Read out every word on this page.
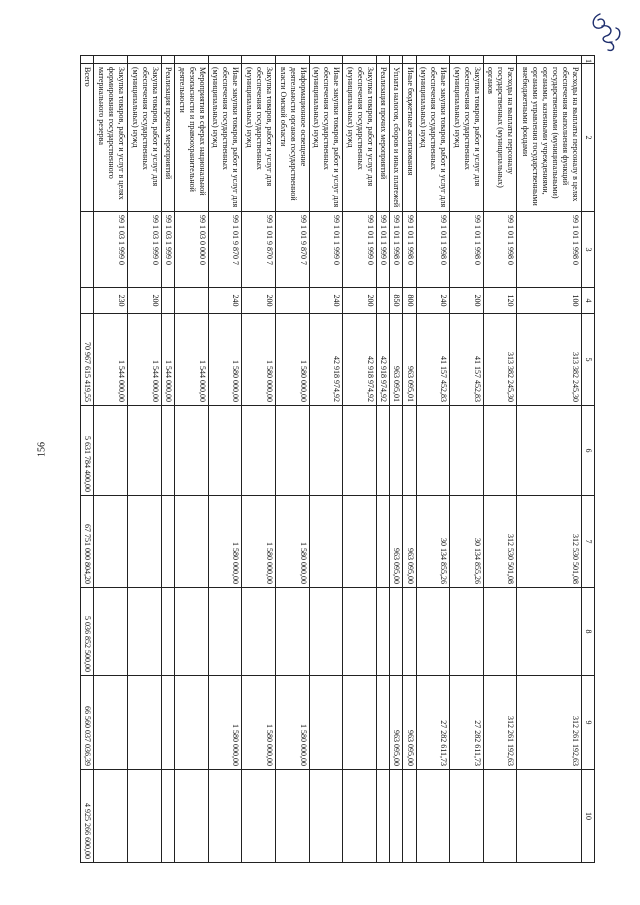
156
1	2	3	4	5	6	7	8	9	10
	Расходы на выплаты персоналу в целях обеспечения выполнения функций государственными (муниципальными) органами, казенными учреждениями, органами управления государственными внебюджетными фондами	99 1 01 1 998 0	100	313 382 245,30		312 530 501,08		312 261 192,63	
	Расходы на выплаты персоналу государственных (муниципальных) органов	99 1 01 1 998 0	120	313 382 245,30		312 530 501,08		312 261 192,63	
	Закупка товаров, работ и услуг для обеспечения государственных (муниципальных) нужд	99 1 01 1 998 0	200	41 157 452,83		30 134 855,26		27 282 611,73	
	Иные закупки товаров, работ и услуг для обеспечения государственных (муниципальных) нужд	99 1 01 1 998 0	240	41 157 452,83		30 134 855,26		27 282 611,73	
	Иные бюджетные ассигнования	99 1 01 1 998 0	800	963 095,01		963 095,00		963 095,00	
	Уплата налогов, сборов и иных платежей	99 1 01 1 998 0	850	963 095,01		963 095,00		963 095,00	
	Реализация прочих мероприятий	99 1 01 1 999 0		42 918 974,92					
	Закупка товаров, работ и услуг для обеспечения государственных (муниципальных) нужд	99 1 01 1 999 0	200	42 918 974,92					
	Иные закупки товаров, работ и услуг для обеспечения государственных (муниципальных) нужд	99 1 01 1 999 0	240	42 918 974,92					
	Информационное освещение деятельности органов государственной власти Омской области	99 1 01 9 870 7		1 580 000,00		1 580 000,00		1 580 000,00	
	Закупка товаров, работ и услуг для обеспечения государственных (муниципальных) нужд	99 1 01 9 870 7	200	1 580 000,00		1 580 000,00		1 580 000,00	
	Иные закупки товаров, работ и услуг для обеспечения государственных (муниципальных) нужд	99 1 01 9 870 7	240	1 580 000,00		1 580 000,00		1 580 000,00	
	Мероприятия в сферах национальной безопасности и правоохранительной деятельности	99 1 03 0 000 0		1 544 000,00					
	Реализация прочих мероприятий	99 1 03 1 999 0		1 544 000,00					
	Закупка товаров, работ и услуг для обеспечения государственных (муниципальных) нужд	99 1 03 1 999 0	200	1 544 000,00					
	Закупка товаров, работ и услуг в целях формирования государственного материального резерва	99 1 03 1 999 0	230	1 544 000,00					
	Всего			70 967 615 419,55	5 631 784 400,00	67 751 000 804,20	5 036 852 500,00	66 560 037 036,39	4 925 266 600,00
